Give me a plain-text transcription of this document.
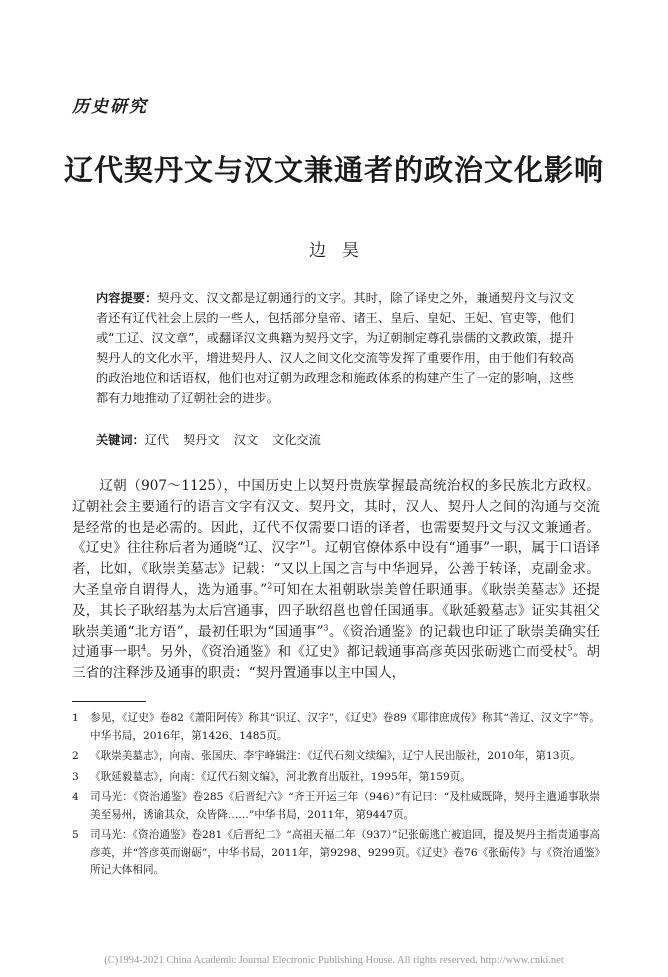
历史研究
辽代契丹文与汉文兼通者的政治文化影响
边昊
内容提要：契丹文、汉文都是辽朝通行的文字。其时，除了译史之外，兼通契丹文与汉文者还有辽代社会上层的一些人，包括部分皇帝、诸王、皇后、皇妃、王妃、官吏等，他们或“工辽、汉文章”，或翻译汉文典籍为契丹文字，为辽朝制定尊孔崇儒的文教政策，提升契丹人的文化水平，增进契丹人、汉人之间文化交流等发挥了重要作用，由于他们有较高的政治地位和话语权，他们也对辽朝为政理念和施政体系的构建产生了一定的影响，这些都有力地推动了辽朝社会的进步。
关键词：辽代 契丹文 汉文 文化交流

辽朝（907～1125），中国历史上以契丹贵族掌握最高统治权的多民族北方政权。辽朝社会主要通行的语言文字有汉文、契丹文，其时，汉人、契丹人之间的沟通与交流是经常的也是必需的。因此，辽代不仅需要口语的译者，也需要契丹文与汉文兼通者。《辽史》往往称后者为通晓“辽、汉字”$^1$。辽朝官僚体系中设有“通事”一职，属于口语译者，比如，《耿崇美墓志》记载：“又以上国之言与中华迥异，公善于转译，克副金求。大圣皇帝自谓得人，选为通事。”$^2$可知在太祖朝耿崇美曾任职通事。《耿崇美墓志》还提及，其长子耿绍基为太后宫通事，四子耿绍邕也曾任国通事。《耿延毅墓志》证实其祖父耿崇美通“北方语”，最初任职为“国通事”$^3$。《资治通鉴》的记载也印证了耿崇美确实任过通事一职$^4$。另外，《资治通鉴》和《辽史》都记载通事高彦英因张砺逃亡而受杖$^5$。胡三省的注释涉及通事的职责：“契丹置通事以主中国人，

1	参见，《辽史》卷82《萧阳阿传》称其“识辽、汉字”，《辽史》卷89《耶律庶成传》称其“善辽、汉文字”等。中华书局，2016年，第1426、1485页。
2	《耿崇美墓志》，向南、张国庆、李宇峰辑注：《辽代石刻文续编》，辽宁人民出版社，2010年，第13页。
3	《耿延毅墓志》，向南：《辽代石刻文编》，河北教育出版社，1995年，第159页。
4	司马光：《资治通鉴》卷285《后晋纪六》“齐王开运三年（946）”有记曰：“及杜威既降，契丹主遣通事耿崇美至易州，诱谕其众，众皆降……”中华书局，2011年，第9447页。
5	司马光：《资治通鉴》卷281《后晋纪二》“高祖天福二年（937）”记张砺逃亡被追回，提及契丹主指责通事高彦英，并“答彦英而谢砺”，中华书局，2011年，第9298、9299页。《辽史》卷76《张砺传》与《资治通鉴》所记大体相同。
(C)1994-2021 China Academic Journal Electronic Publishing House. All rights reserved. http://www.cnki.net
